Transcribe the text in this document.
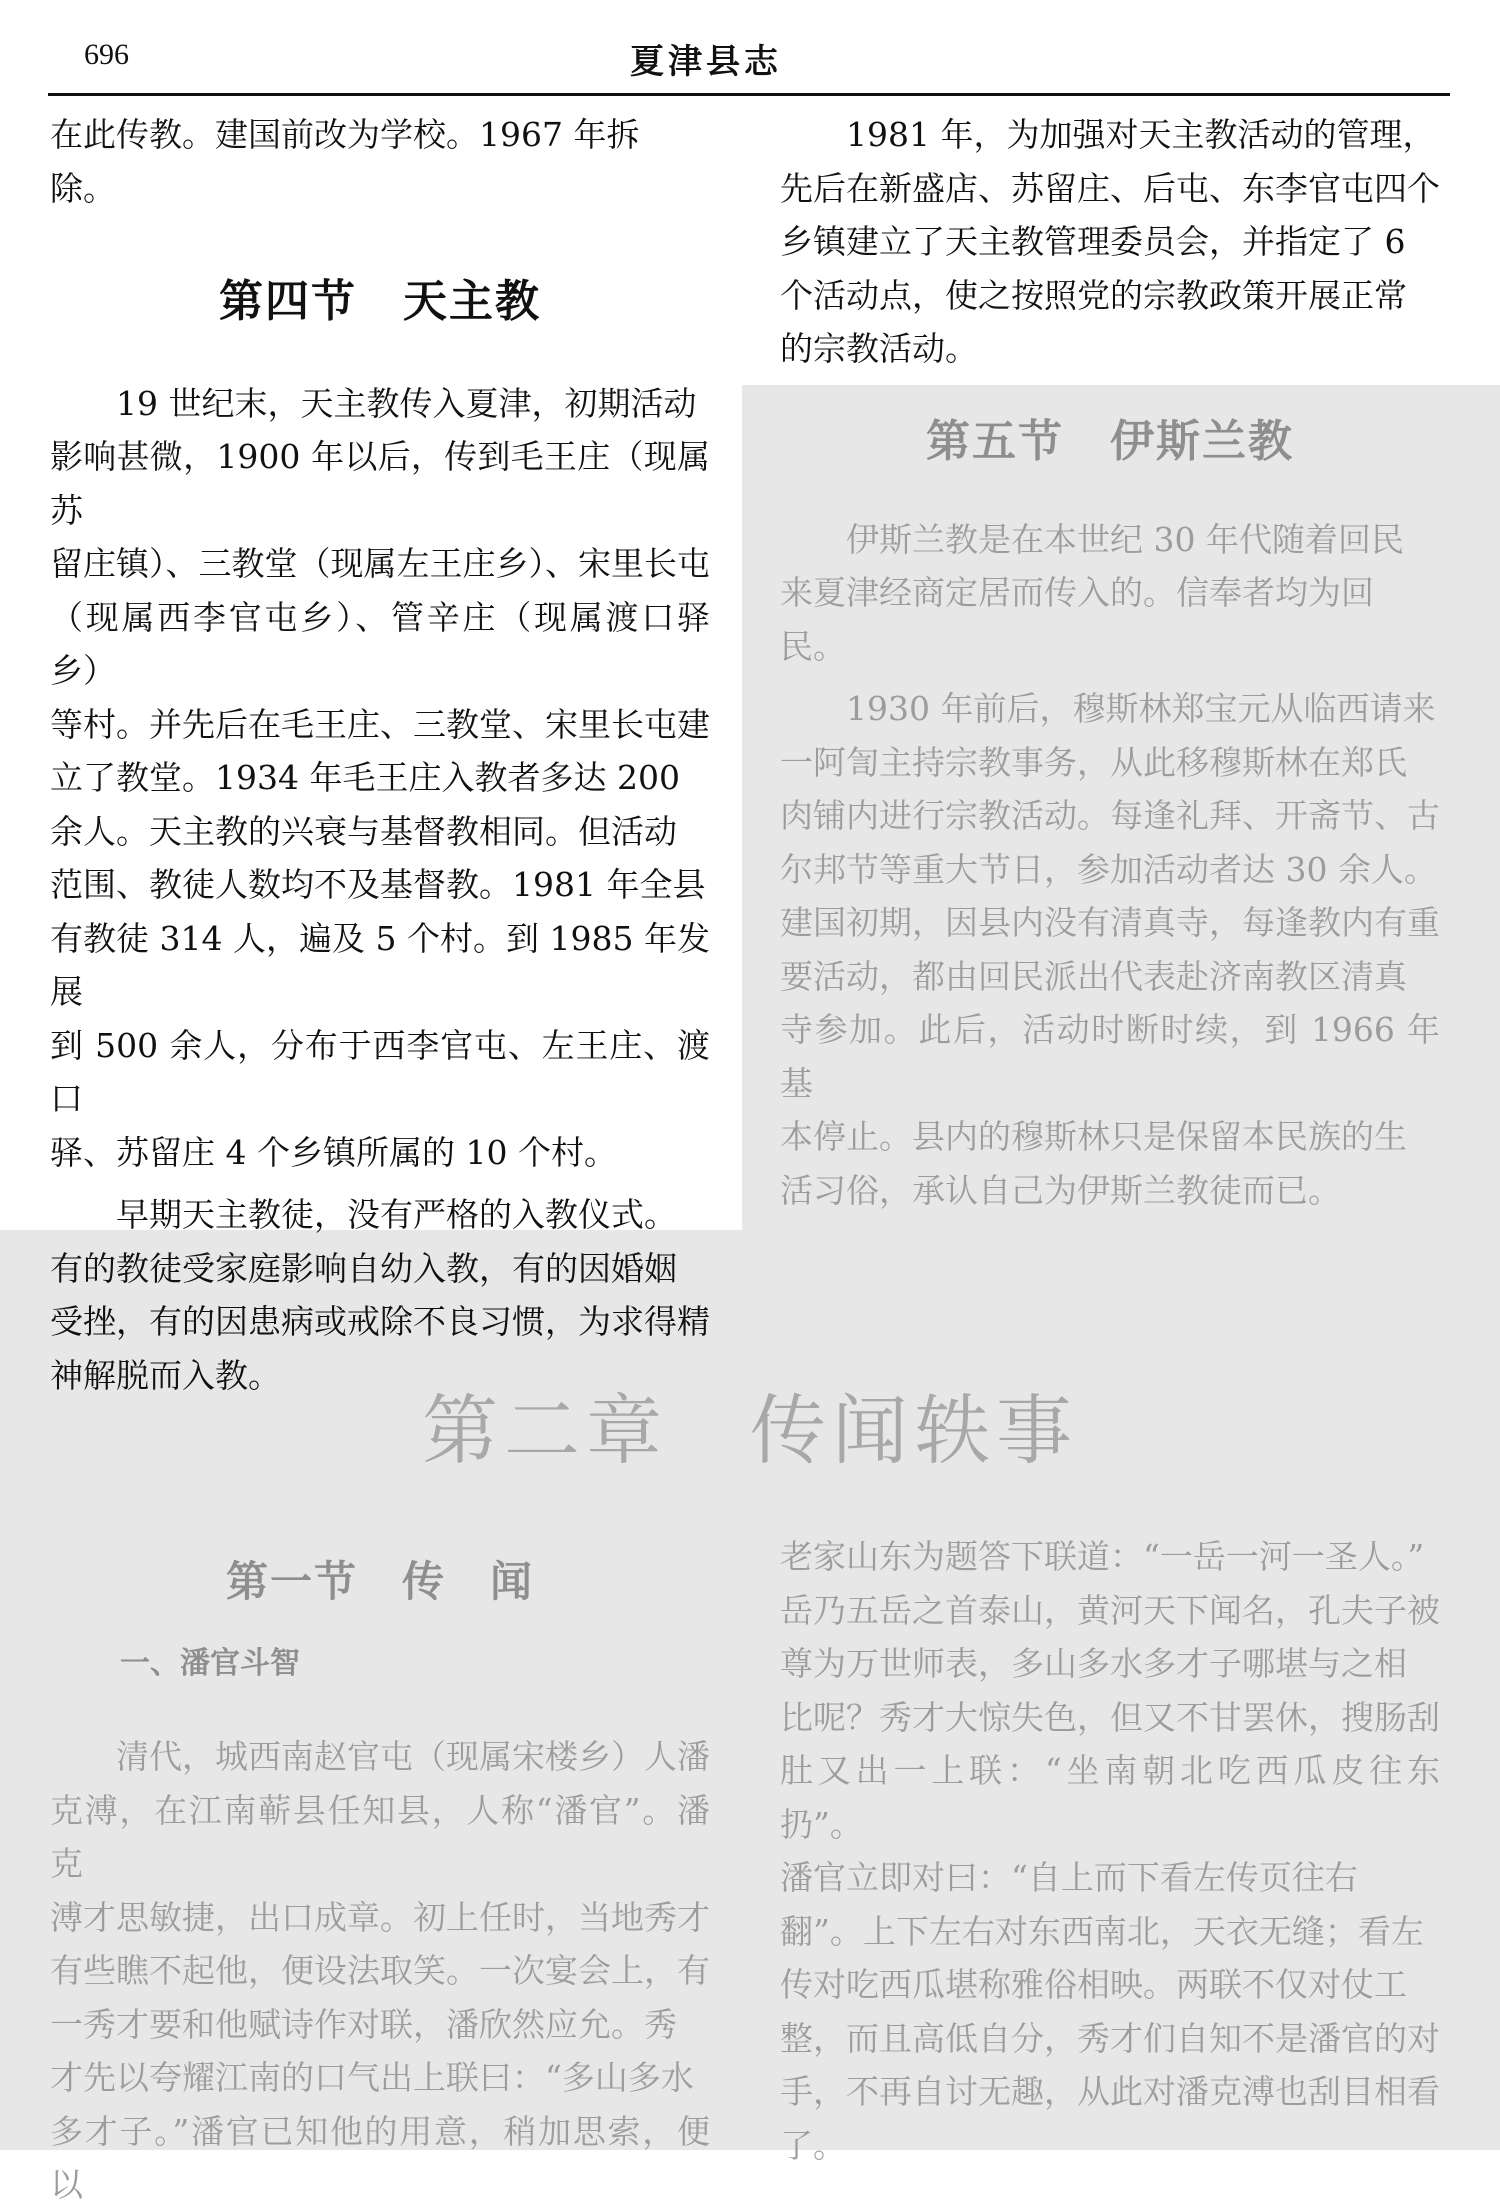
696	夏津县志

在此传教。建国前改为学校。1967 年拆
除。

第四节　天主教

19 世纪末，天主教传入夏津，初期活动
影响甚微，1900 年以后，传到毛王庄（现属苏
留庄镇）、三教堂（现属左王庄乡）、宋里长屯
（现属西李官屯乡）、管辛庄（现属渡口驿乡）
等村。并先后在毛王庄、三教堂、宋里长屯建
立了教堂。1934 年毛王庄入教者多达 200
余人。天主教的兴衰与基督教相同。但活动
范围、教徒人数均不及基督教。1981 年全县
有教徒 314 人，遍及 5 个村。到 1985 年发展
到 500 余人，分布于西李官屯、左王庄、渡口
驿、苏留庄 4 个乡镇所属的 10 个村。

早期天主教徒，没有严格的入教仪式。
有的教徒受家庭影响自幼入教，有的因婚姻
受挫，有的因患病或戒除不良习惯，为求得精
神解脱而入教。

1981 年，为加强对天主教活动的管理，
先后在新盛店、苏留庄、后屯、东李官屯四个
乡镇建立了天主教管理委员会，并指定了 6
个活动点，使之按照党的宗教政策开展正常
的宗教活动。

第五节　伊斯兰教

伊斯兰教是在本世纪 30 年代随着回民
来夏津经商定居而传入的。信奉者均为回
民。

1930 年前后，穆斯林郑宝元从临西请来
一阿訇主持宗教事务，从此移穆斯林在郑氏
肉铺内进行宗教活动。每逢礼拜、开斋节、古
尔邦节等重大节日，参加活动者达 30 余人。
建国初期，因县内没有清真寺，每逢教内有重
要活动，都由回民派出代表赴济南教区清真
寺参加。此后，活动时断时续，到 1966 年基
本停止。县内的穆斯林只是保留本民族的生
活习俗，承认自己为伊斯兰教徒而已。

第二章　传闻轶事
第一节　传　闻
一、潘官斗智

清代，城西南赵官屯（现属宋楼乡）人潘
克溥，在江南蕲县任知县，人称“潘官”。潘克
溥才思敏捷，出口成章。初上任时，当地秀才
有些瞧不起他，便设法取笑。一次宴会上，有
一秀才要和他赋诗作对联，潘欣然应允。秀
才先以夸耀江南的口气出上联曰：“多山多水
多才子。”潘官已知他的用意，稍加思索，便以

老家山东为题答下联道：“一岳一河一圣人。”
岳乃五岳之首泰山，黄河天下闻名，孔夫子被
尊为万世师表，多山多水多才子哪堪与之相
比呢？秀才大惊失色，但又不甘罢休，搜肠刮
肚又出一上联：“坐南朝北吃西瓜皮往东扔”。
潘官立即对曰：“自上而下看左传页往右
翻”。上下左右对东西南北，天衣无缝；看左
传对吃西瓜堪称雅俗相映。两联不仅对仗工
整，而且高低自分，秀才们自知不是潘官的对
手，不再自讨无趣，从此对潘克溥也刮目相看
了。
